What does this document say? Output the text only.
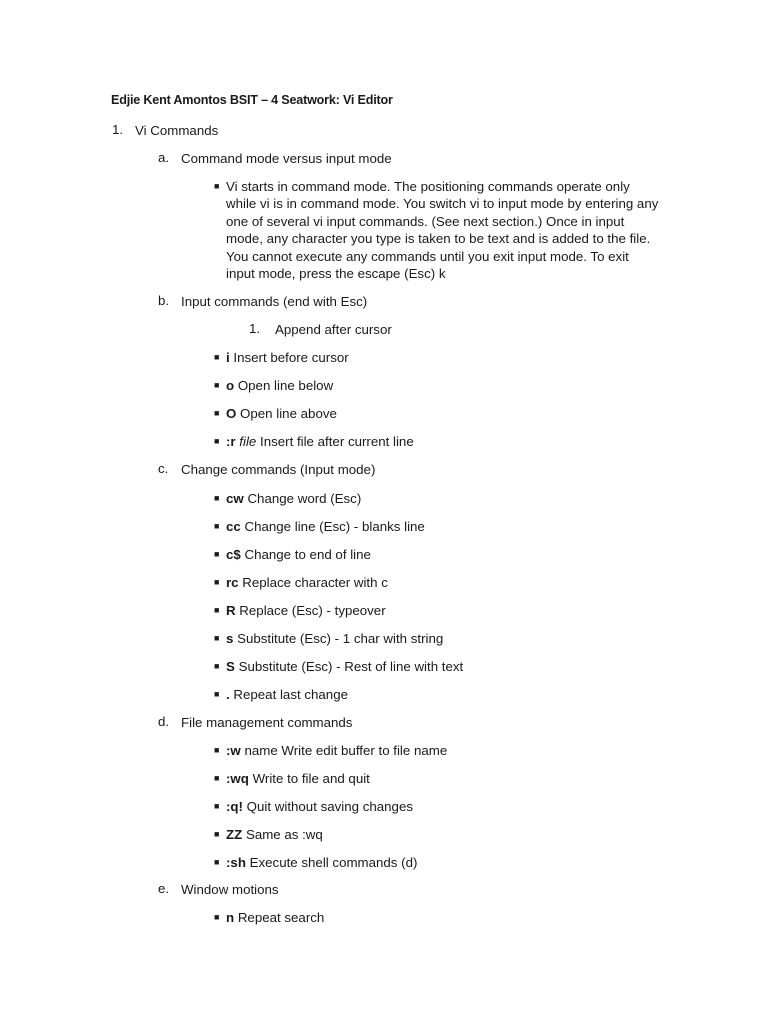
Edjie Kent Amontos BSIT – 4 Seatwork: Vi Editor
1. Vi Commands
a. Command mode versus input mode
■ Vi starts in command mode. The positioning commands operate only

while vi is in command mode. You switch vi to input mode by entering any

one of several vi input commands. (See next section.) Once in input

mode, any character you type is taken to be text and is added to the file.

You cannot execute any commands until you exit input mode. To exit

input mode, press the escape (Esc) k

b. Input commands (end with Esc)
1. Append after cursor
■ i Insert before cursor
■ o Open line below
■ O Open line above
■ :r file Insert file after current line
c. Change commands (Input mode)
■ cw Change word (Esc)
■ cc Change line (Esc) - blanks line
■ c$ Change to end of line
■ rc Replace character with c
■ R Replace (Esc) - typeover
■ s Substitute (Esc) - 1 char with string
■ S Substitute (Esc) - Rest of line with text
■ . Repeat last change
d. File management commands
■ :w name Write edit buffer to file name
■ :wq Write to file and quit
■ :q! Quit without saving changes
■ ZZ Same as :wq
■ :sh Execute shell commands (d)
e. Window motions
■ n Repeat search
